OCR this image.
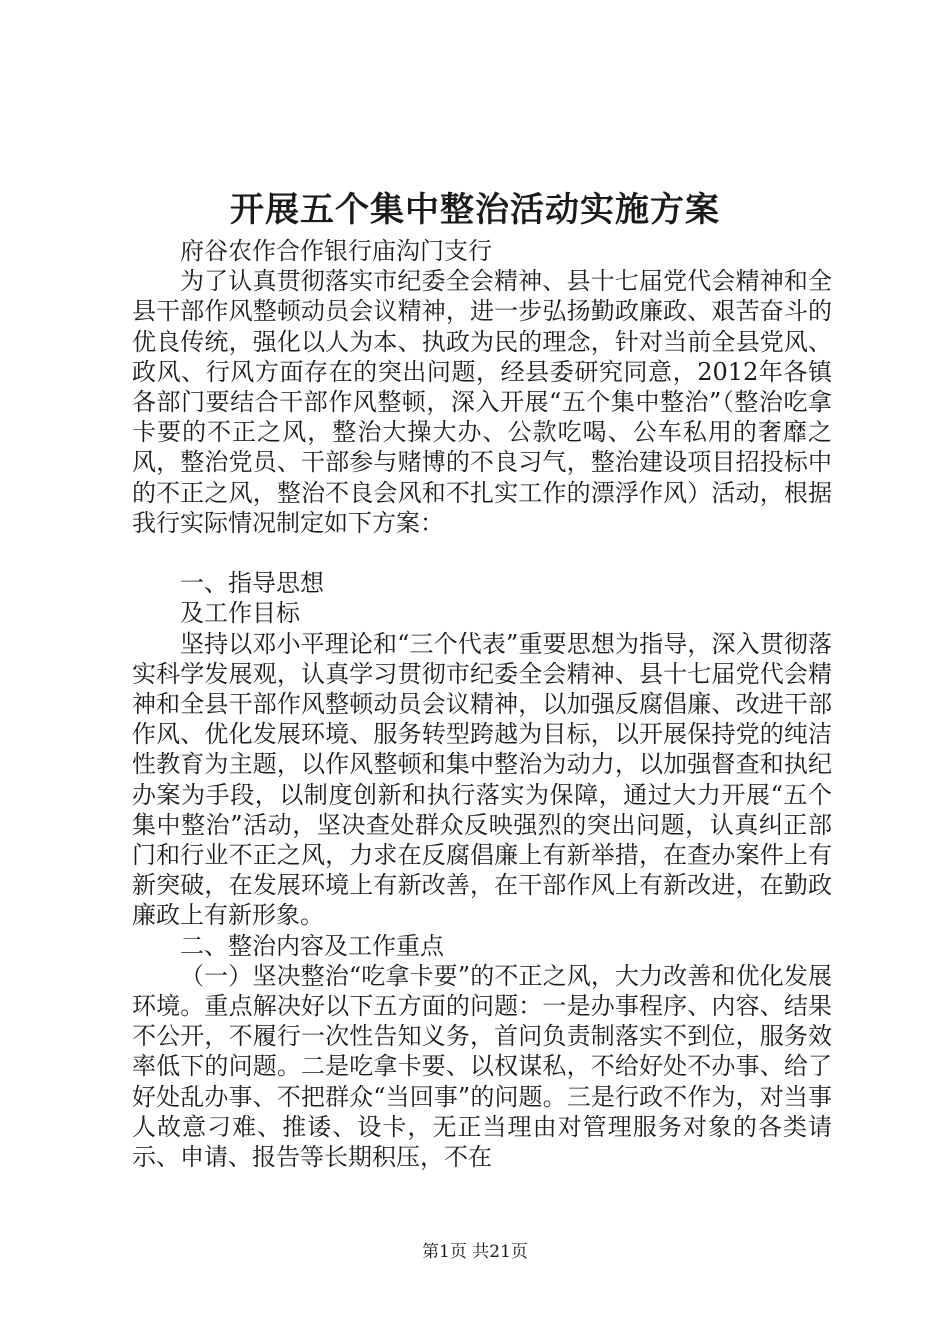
开展五个集中整治活动实施方案

府谷农作合作银行庙沟门支行

为了认真贯彻落实市纪委全会精神、县十七届党代会精神和全县干部作风整顿动员会议精神，进一步弘扬勤政廉政、艰苦奋斗的优良传统，强化以人为本、执政为民的理念，针对当前全县党风、政风、行风方面存在的突出问题，经县委研究同意，2012年各镇各部门要结合干部作风整顿，深入开展“五个集中整治”（整治吃拿卡要的不正之风，整治大操大办、公款吃喝、公车私用的奢靡之风，整治党员、干部参与赌博的不良习气，整治建设项目招投标中的不正之风，整治不良会风和不扎实工作的漂浮作风）活动，根据我行实际情况制定如下方案：

一、指导思想

及工作目标

坚持以邓小平理论和“三个代表”重要思想为指导，深入贯彻落实科学发展观，认真学习贯彻市纪委全会精神、县十七届党代会精神和全县干部作风整顿动员会议精神，以加强反腐倡廉、改进干部作风、优化发展环境、服务转型跨越为目标，以开展保持党的纯洁性教育为主题，以作风整顿和集中整治为动力，以加强督查和执纪办案为手段，以制度创新和执行落实为保障，通过大力开展“五个集中整治”活动，坚决查处群众反映强烈的突出问题，认真纠正部门和行业不正之风，力求在反腐倡廉上有新举措，在查办案件上有新突破，在发展环境上有新改善，在干部作风上有新改进，在勤政廉政上有新形象。

二、整治内容及工作重点

（一）坚决整治“吃拿卡要”的不正之风，大力改善和优化发展环境。重点解决好以下五方面的问题：一是办事程序、内容、结果不公开，不履行一次性告知义务，首问负责制落实不到位，服务效率低下的问题。二是吃拿卡要、以权谋私，不给好处不办事、给了好处乱办事、不把群众“当回事”的问题。三是行政不作为，对当事人故意刁难、推诿、设卡，无正当理由对管理服务对象的各类请示、申请、报告等长期积压，不在

第1页 共21页
